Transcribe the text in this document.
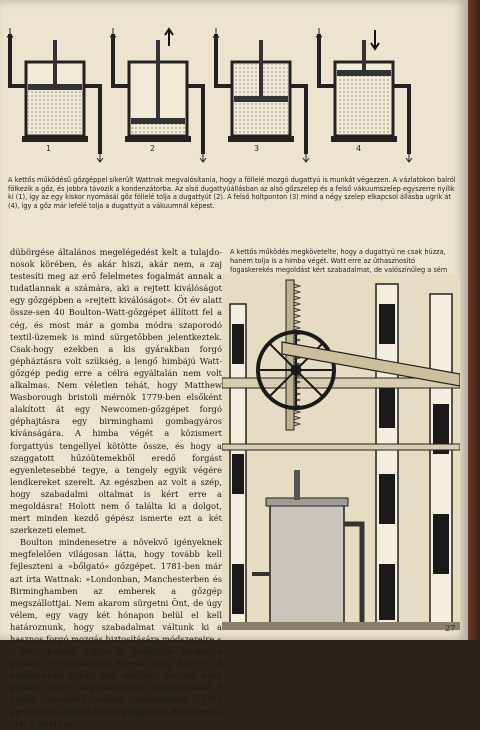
1	2	3	4
A kettős működésű gőzgéppel sikerült Wattnak megvalósítania, hogy a föllelé mozgó dugattyú is munkát végezzen. A vázlatokon balról fölkezik a gőz, és jobbra távozik a kondenzátorba. Az alsó dugattyúállásban az alsó gőzszelep és a felső vákuumszelep egyszerre nyílik ki (1), így az egy kiskor nyomásáí gőz föllelé tolja a dugattyút (2). A felső holtponton (3) mind a négy szelep elkapcsol állásba ugrik át (4), így a gőz már lefelé tolja a dugattyút a vákuumnál képest.

dübörgése általános megelégedést kelt a tulajdo-nosok körében, és akár hiszi, akár nem, a zaj testesíti meg az erő felelmetes fogalmát annak a tudatlannak a számára, aki a rejtett kiválóságot egy gőzgépben a »rejtett kiválóságot«. Öt év alatt össze-sen 40 Boulton–Watt-gőzgépet állított fel a cég, és most már a gomba módra szaporodó textil-üzemek is mind sürgetőbben jelentkeztek. Csak-hogy ezekben a kis gyárakban forgó gépháztásra volt szükség, a lengő himbájú Watt-gőzgép pedig erre a célra egyáltalán nem volt alkalmas. Nem véletlen tehát, hogy Matthew Wasborough bristoli mérnök 1779-ben elsőként alakított át egy Newcomen-gőzgépet forgó géphajtásra egy birminghami gombagyáros kívánságára. A himba végét a közismert forgattyús tengellyel kötötte össze, és hogy a szaggatott hűzóütemekből eredő forgást egyenletesebbé tegye, a tengely egyik végére lendkereket szerelt. Az egészben az volt a szép, hogy szabadalmi oltalmat is kért erre a megoldásra! Holott nem ő találta ki a dolgot, mert minden kezdő gépész ismerte ezt a két szerkezeti elemet.

Boulton mindenesetre a növekvő igényeknek megfelelően világosan látta, hogy tovább kell fejleszteni a »bőlgató« gőzgépet. 1781-ben már azt írta Wattnak: »Londonban, Manchesterben és Birminghamben az emberek a gőzgép megszállottjai. Nem akarom sürgetni Önt, de úgy vélem, egy vagy két hónapon belül el kell határoznunk, hogy szabadalmat váltunk ki a hasznos forgó mozgás biztosítására módszereire.«

Watt persze rögtön a forgattyús tengelyre gondolt. De döbbenten értesült róla, hogy ez a lendkerékkel együtt már »foglalt«, és csak nagy pénzért lehet megvásárolni a tulajdonosától a királyi pecséttel védett szabadalmat. 1781 áprilisában erélyen beszúrgaggal írta Boultonnak: »Ha a király az

A kettős működés megkövetelte, hogy a dugattyú ne csak húzza, hanem tolja is a himba végét. Watt erre az úthasznosító fogaskerekés megoldást kért szabadalmat, de valószínűleg a sém
27
